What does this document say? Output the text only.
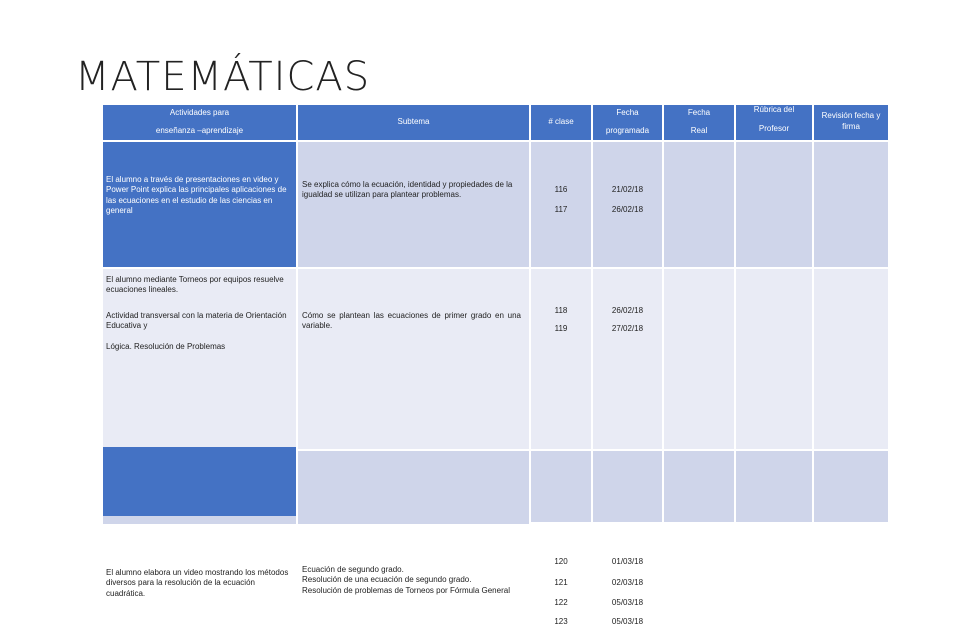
MATEMÁTICAS
Actividades para
enseñanza –aprendizaje
Subtema	# clase
Fecha
programada
Fecha
Real
Rúbrica del
Profesor
Revisión fecha y
firma
El alumno a través de presentaciones en video y Power Point explica las principales aplicaciones de las ecuaciones en el estudio de las ciencias en general
Se explica cómo la ecuación, identidad y propiedades de la igualdad se utilizan para plantear problemas.
116
117
21/02/18
26/02/18
El alumno mediante Torneos por equipos resuelve ecuaciones lineales.
Actividad transversal con la materia de Orientación Educativa y
Lógica. Resolución de Problemas
Cómo se plantean las ecuaciones de primer grado en una variable.
118
119
26/02/18
27/02/18
El alumno elabora un video mostrando los métodos diversos para la resolución de la ecuación cuadrática.
Ecuación de segundo grado.
Resolución de una ecuación de segundo grado.
Resolución de problemas de Torneos por Fórmula General
120
121
122
123
01/03/18
02/03/18
05/03/18
05/03/18
